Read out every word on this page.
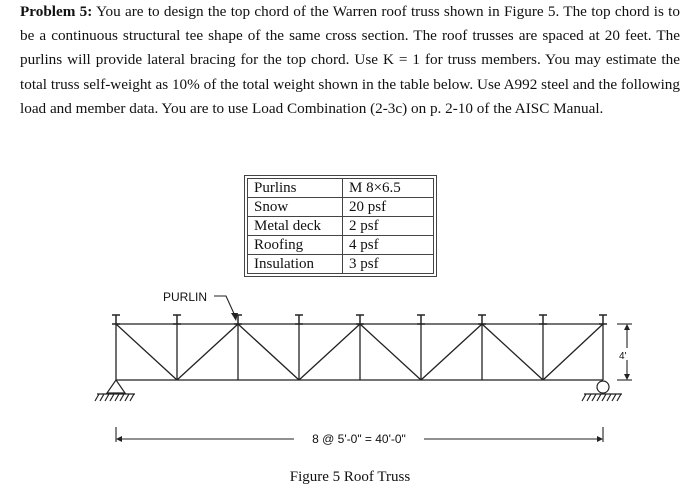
Problem 5: You are to design the top chord of the Warren roof truss shown in Figure 5. The top chord is to be a continuous structural tee shape of the same cross section. The roof trusses are spaced at 20 feet. The purlins will provide lateral bracing for the top chord. Use K = 1 for truss members. You may estimate the total truss self-weight as 10% of the total weight shown in the table below. Use A992 steel and the following load and member data. You are to use Load Combination (2-3c) on p. 2-10 of the AISC Manual.
Purlins	M 8×6.5
Snow	20 psf
Metal deck	2 psf
Roofing	4 psf
Insulation	3 psf
4'
8 @ 5'-0" = 40'-0"
PURLIN
Figure 5 Roof Truss
